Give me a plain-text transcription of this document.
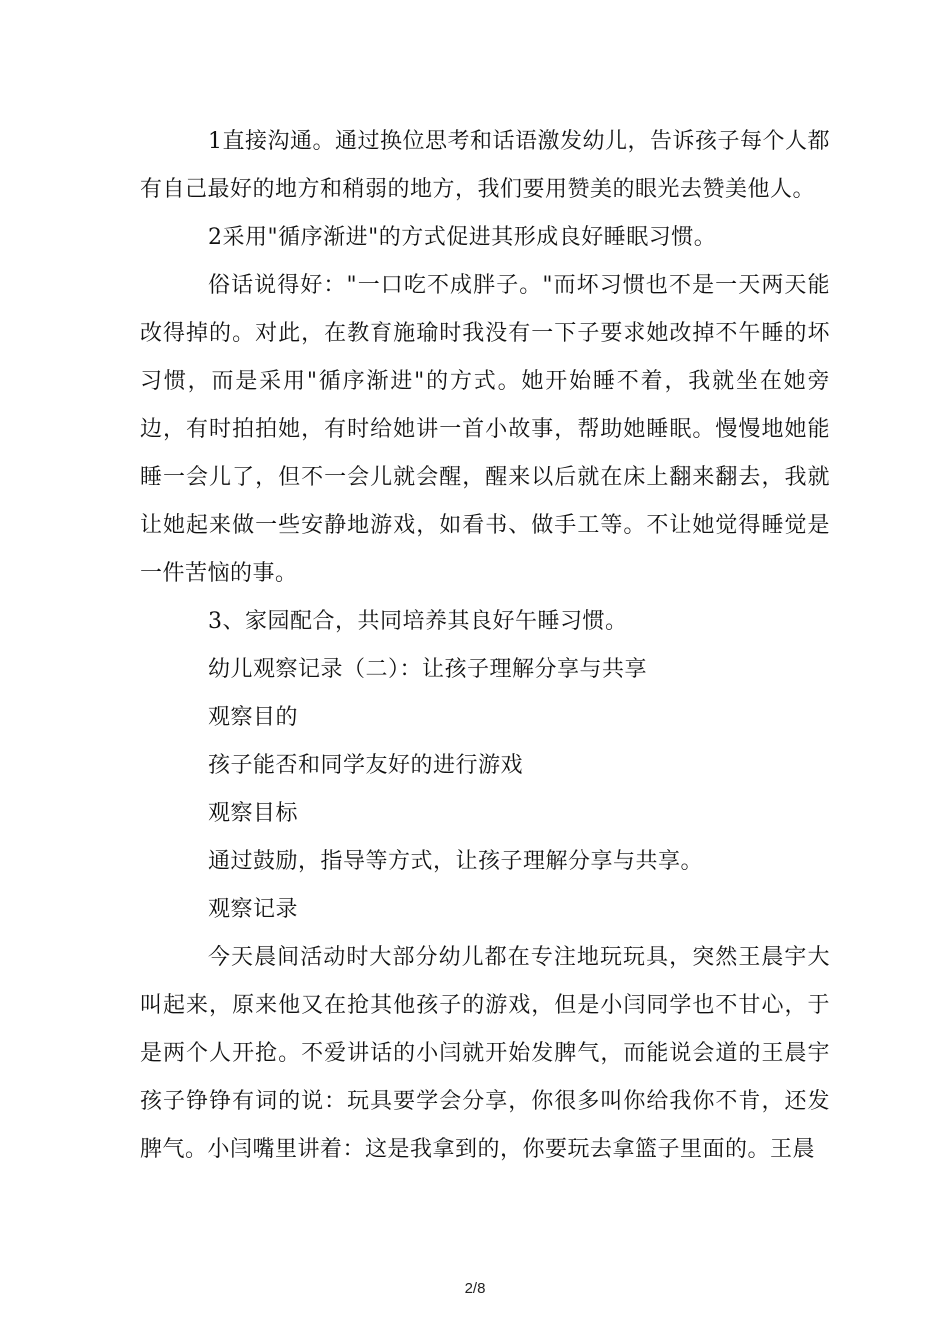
1直接沟通。通过换位思考和话语激发幼儿，告诉孩子每个人都有自己最好的地方和稍弱的地方，我们要用赞美的眼光去赞美他人。

2采用"循序渐进"的方式促进其形成良好睡眠习惯。

俗话说得好："一口吃不成胖子。"而坏习惯也不是一天两天能改得掉的。对此，在教育施瑜时我没有一下子要求她改掉不午睡的坏习惯，而是采用"循序渐进"的方式。她开始睡不着，我就坐在她旁边，有时拍拍她，有时给她讲一首小故事，帮助她睡眠。慢慢地她能睡一会儿了，但不一会儿就会醒，醒来以后就在床上翻来翻去，我就让她起来做一些安静地游戏，如看书、做手工等。不让她觉得睡觉是一件苦恼的事。

3、家园配合，共同培养其良好午睡习惯。

幼儿观察记录（二）：让孩子理解分享与共享

观察目的

孩子能否和同学友好的进行游戏

观察目标

通过鼓励，指导等方式，让孩子理解分享与共享。

观察记录

今天晨间活动时大部分幼儿都在专注地玩玩具，突然王晨宇大叫起来，原来他又在抢其他孩子的游戏，但是小闫同学也不甘心，于是两个人开抢。不爱讲话的小闫就开始发脾气，而能说会道的王晨宇孩子铮铮有词的说：玩具要学会分享，你很多叫你给我你不肯，还发脾气。小闫嘴里讲着：这是我拿到的，你要玩去拿篮子里面的。王晨

2/8
